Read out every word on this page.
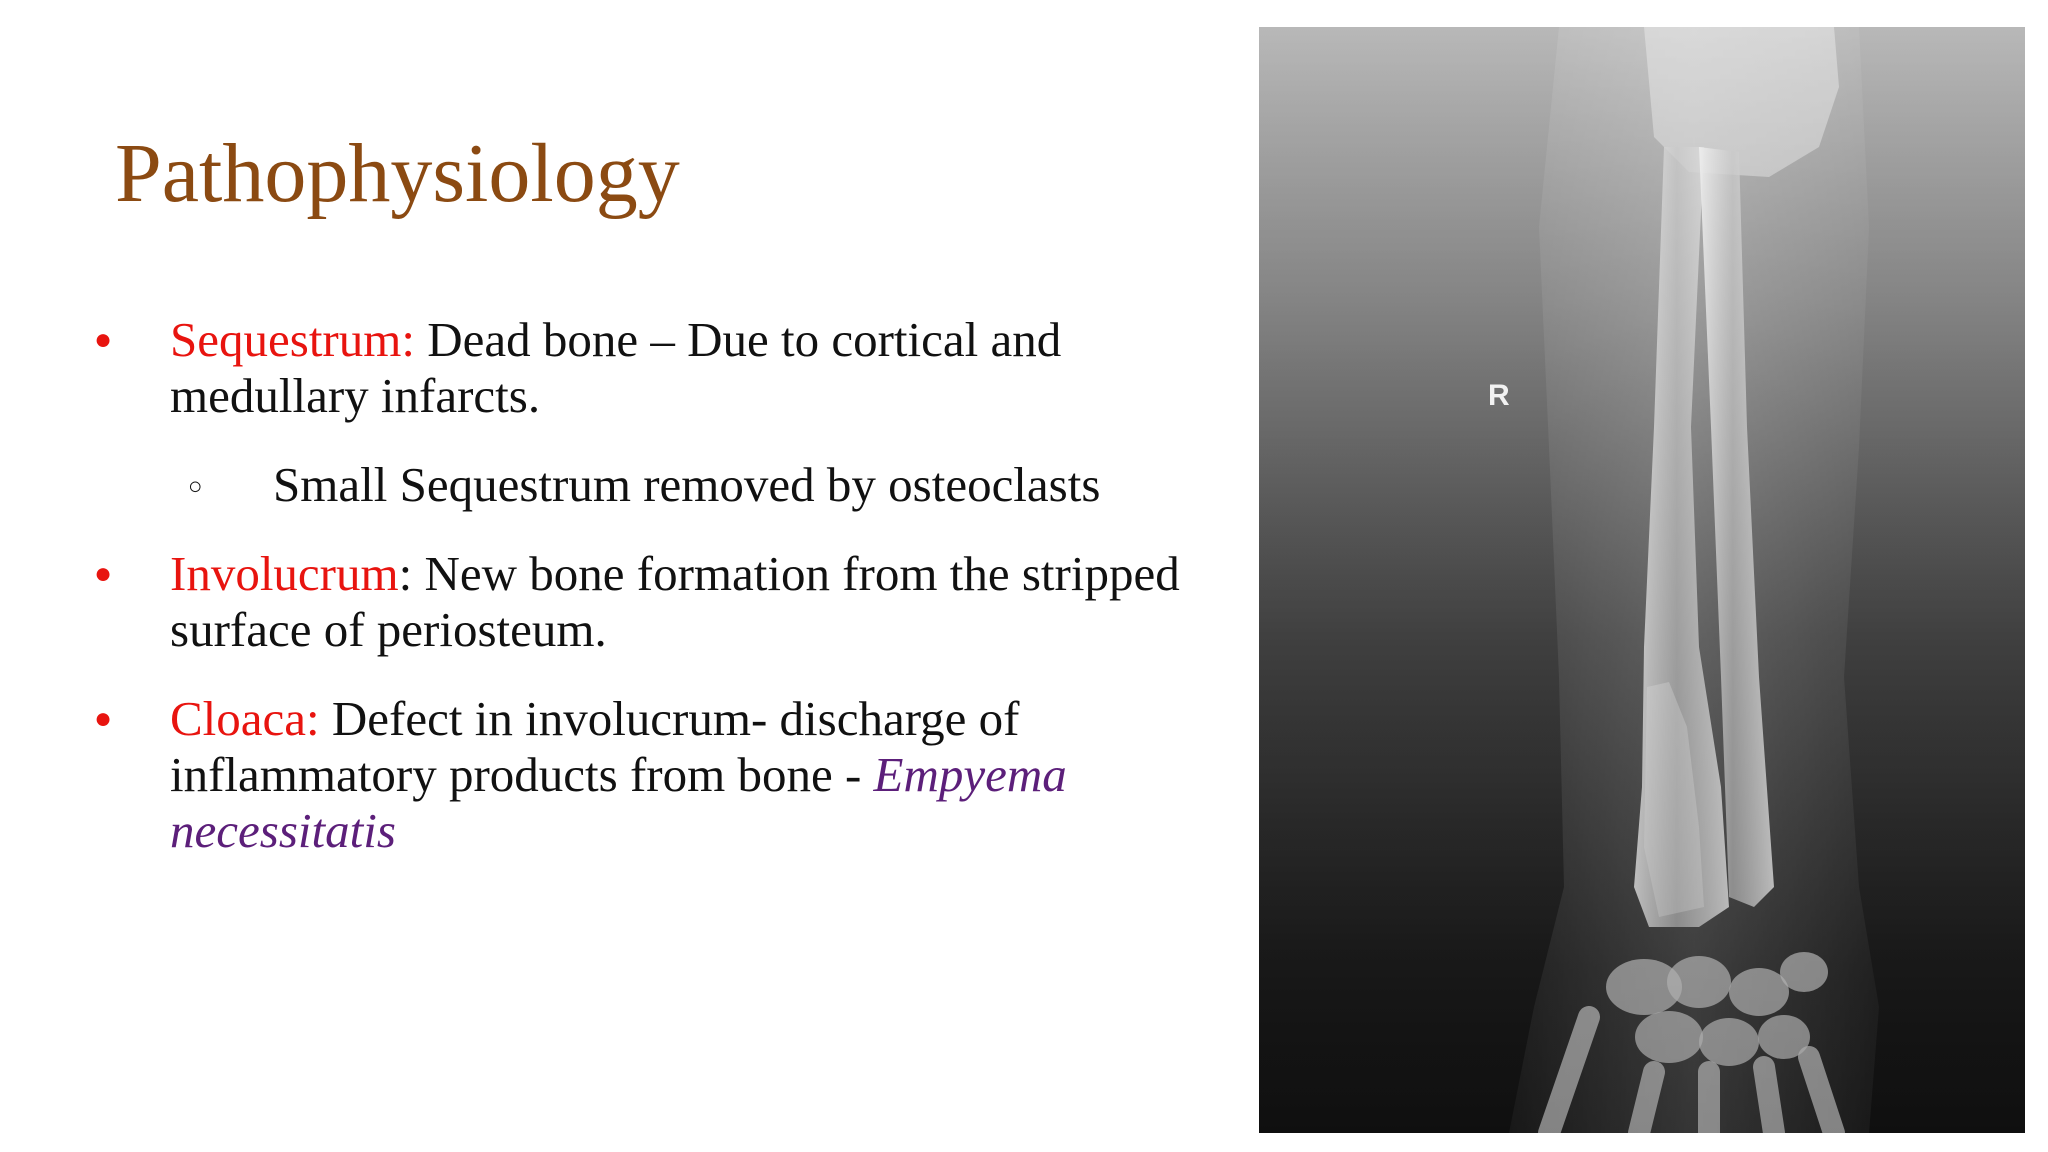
Pathophysiology
● Sequestrum: Dead bone – Due to cortical and medullary infarcts.
○ Small Sequestrum removed by osteoclasts
● Involucrum: New bone formation from the stripped surface of periosteum.
● Cloaca: Defect in involucrum- discharge of inflammatory products from bone - Empyema necessitatis
R
